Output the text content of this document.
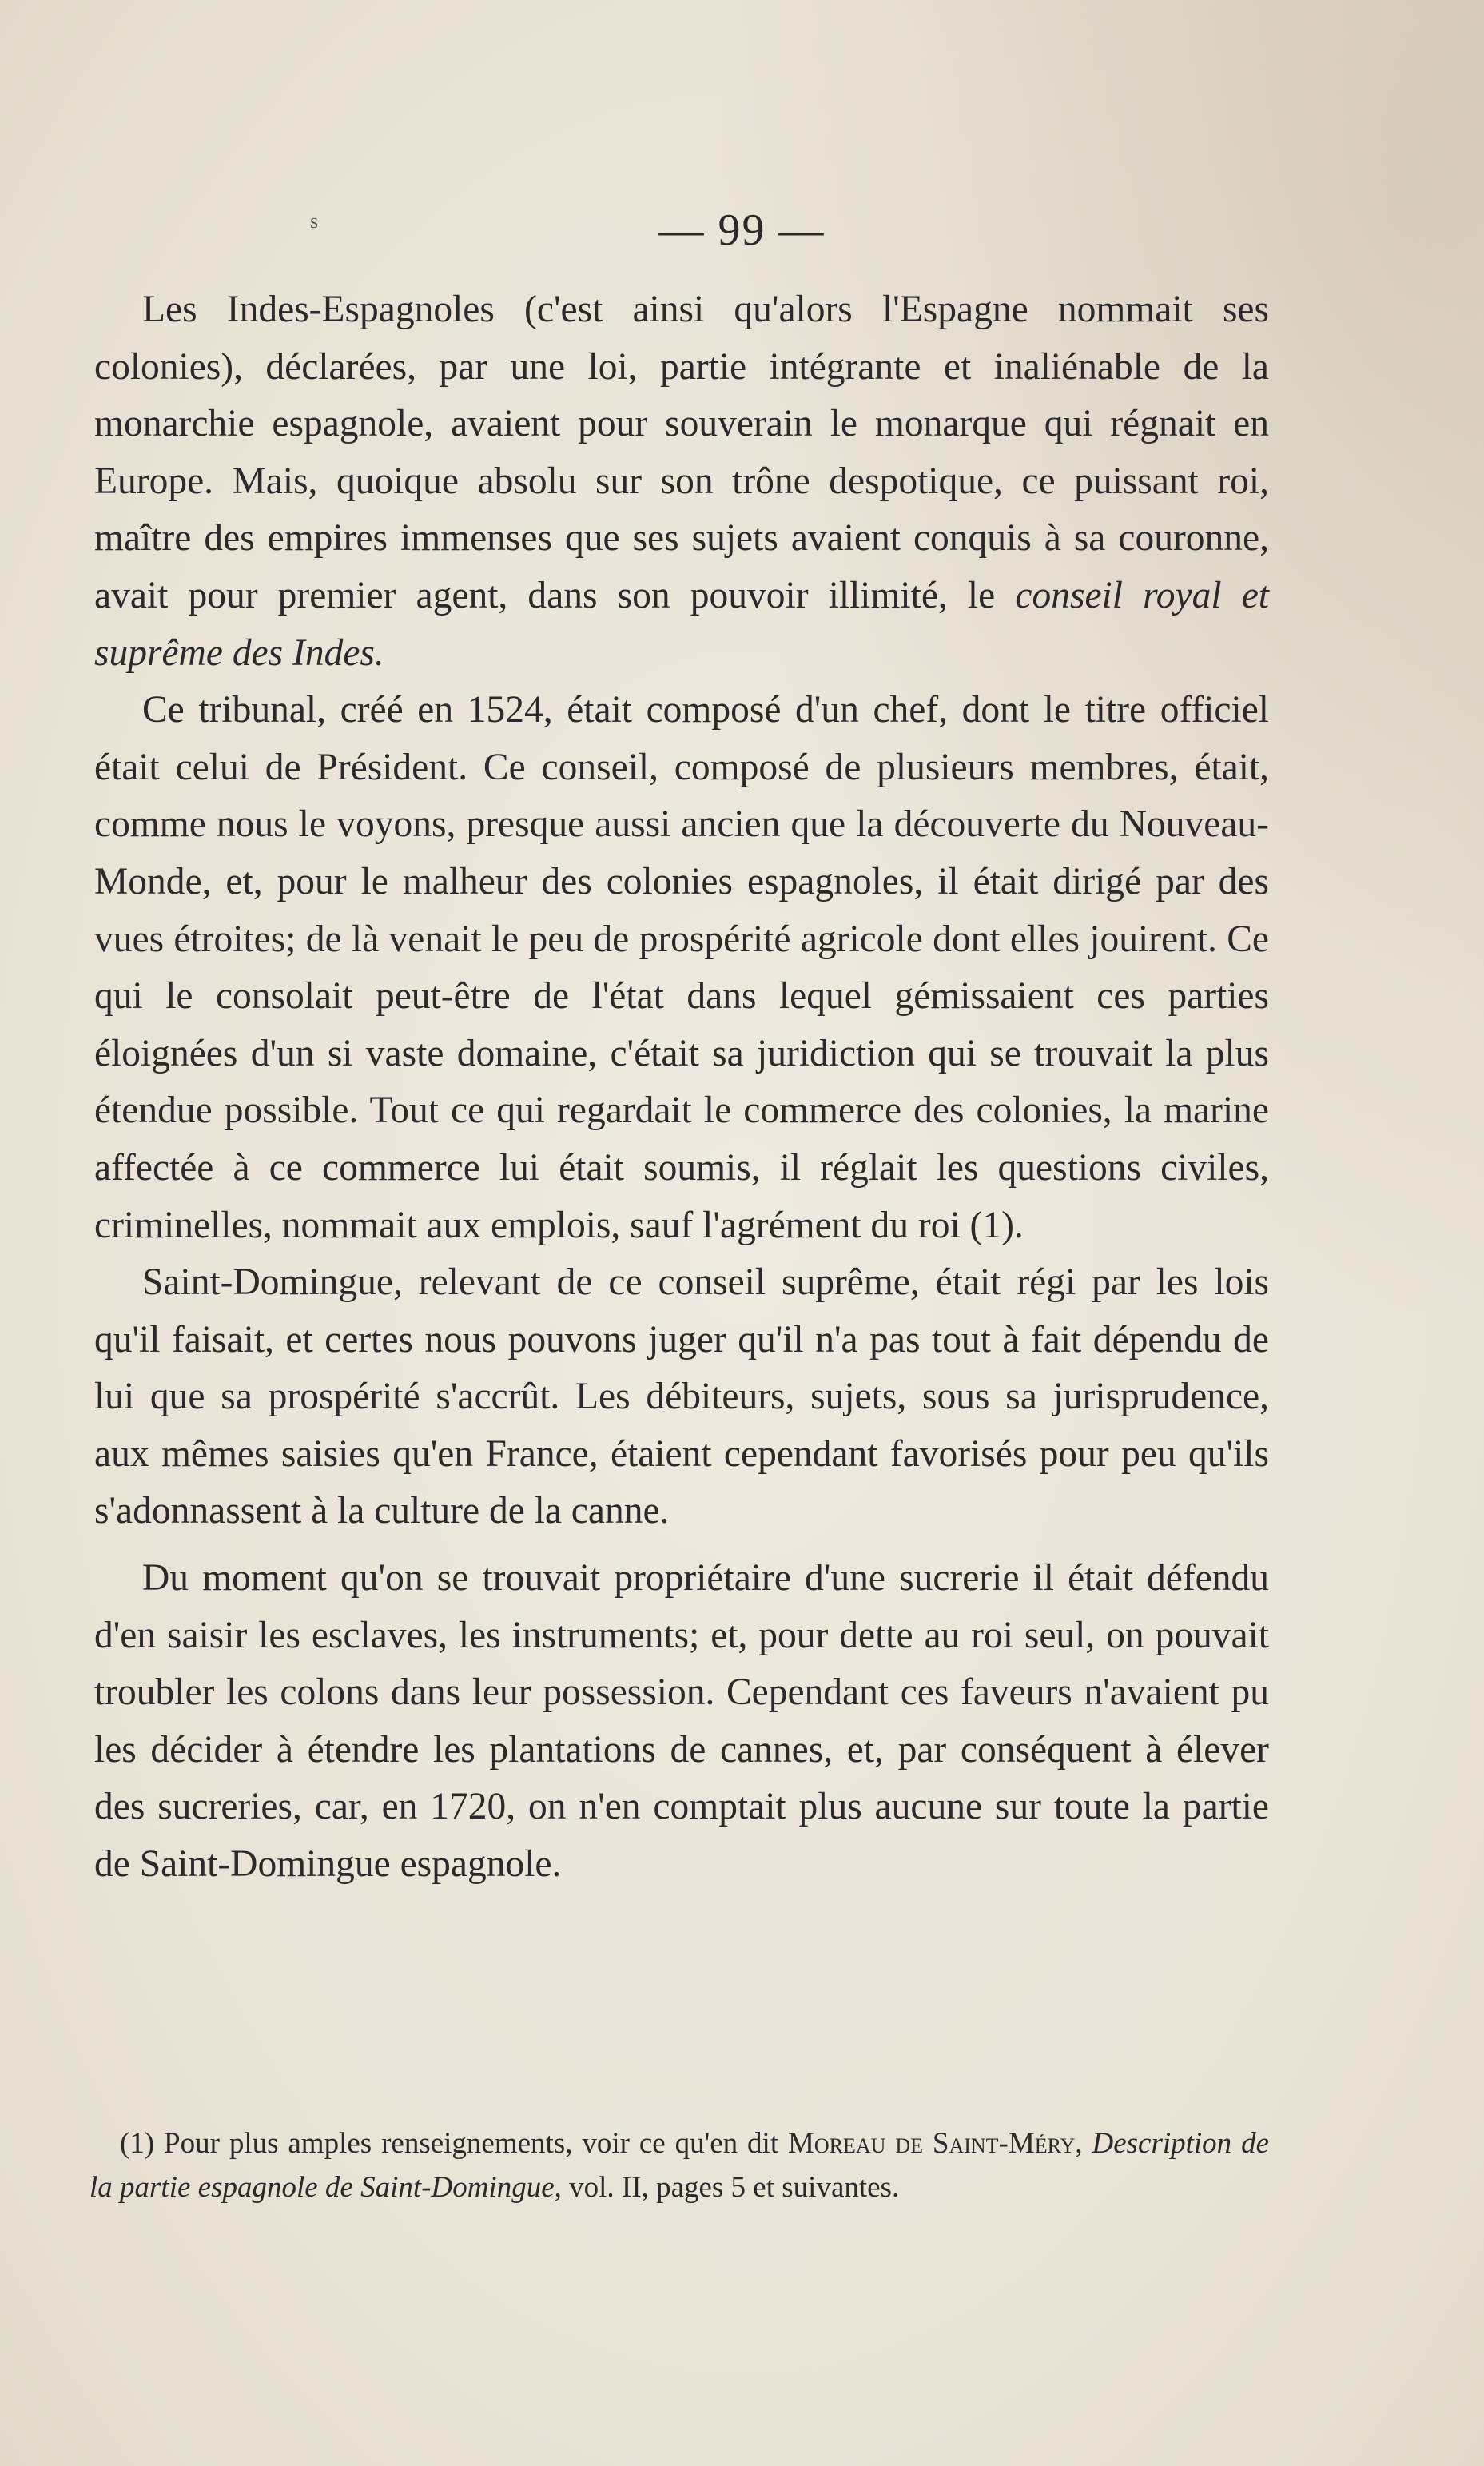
s	— 99 —

Les Indes-Espagnoles (c'est ainsi qu'alors l'Espagne nommait ses colonies), déclarées, par une loi, partie intégrante et inaliénable de la monarchie espagnole, avaient pour souverain le monarque qui régnait en Europe. Mais, quoique absolu sur son trône despotique, ce puissant roi, maître des empires immenses que ses sujets avaient conquis à sa couronne, avait pour premier agent, dans son pouvoir illimité, le conseil royal et suprême des Indes.

Ce tribunal, créé en 1524, était composé d'un chef, dont le titre officiel était celui de Président. Ce conseil, composé de plusieurs membres, était, comme nous le voyons, presque aussi ancien que la découverte du Nouveau-Monde, et, pour le malheur des colonies espagnoles, il était dirigé par des vues étroites; de là venait le peu de prospérité agricole dont elles jouirent. Ce qui le consolait peut-être de l'état dans lequel gémissaient ces parties éloignées d'un si vaste domaine, c'était sa juridiction qui se trouvait la plus étendue possible. Tout ce qui regardait le commerce des colonies, la marine affectée à ce commerce lui était soumis, il réglait les questions civiles, criminelles, nommait aux emplois, sauf l'agrément du roi (1).

Saint-Domingue, relevant de ce conseil suprême, était régi par les lois qu'il faisait, et certes nous pouvons juger qu'il n'a pas tout à fait dépendu de lui que sa prospérité s'accrût. Les débiteurs, sujets, sous sa jurisprudence, aux mêmes saisies qu'en France, étaient cependant favorisés pour peu qu'ils s'adonnassent à la culture de la canne.

Du moment qu'on se trouvait propriétaire d'une sucrerie il était défendu d'en saisir les esclaves, les instruments; et, pour dette au roi seul, on pouvait troubler les colons dans leur possession. Cependant ces faveurs n'avaient pu les décider à étendre les plantations de cannes, et, par conséquent à élever des sucreries, car, en 1720, on n'en comptait plus aucune sur toute la partie de Saint-Domingue espagnole.

(1) Pour plus amples renseignements, voir ce qu'en dit Moreau de Saint-Méry, Description de la partie espagnole de Saint-Domingue, vol. II, pages 5 et suivantes.
